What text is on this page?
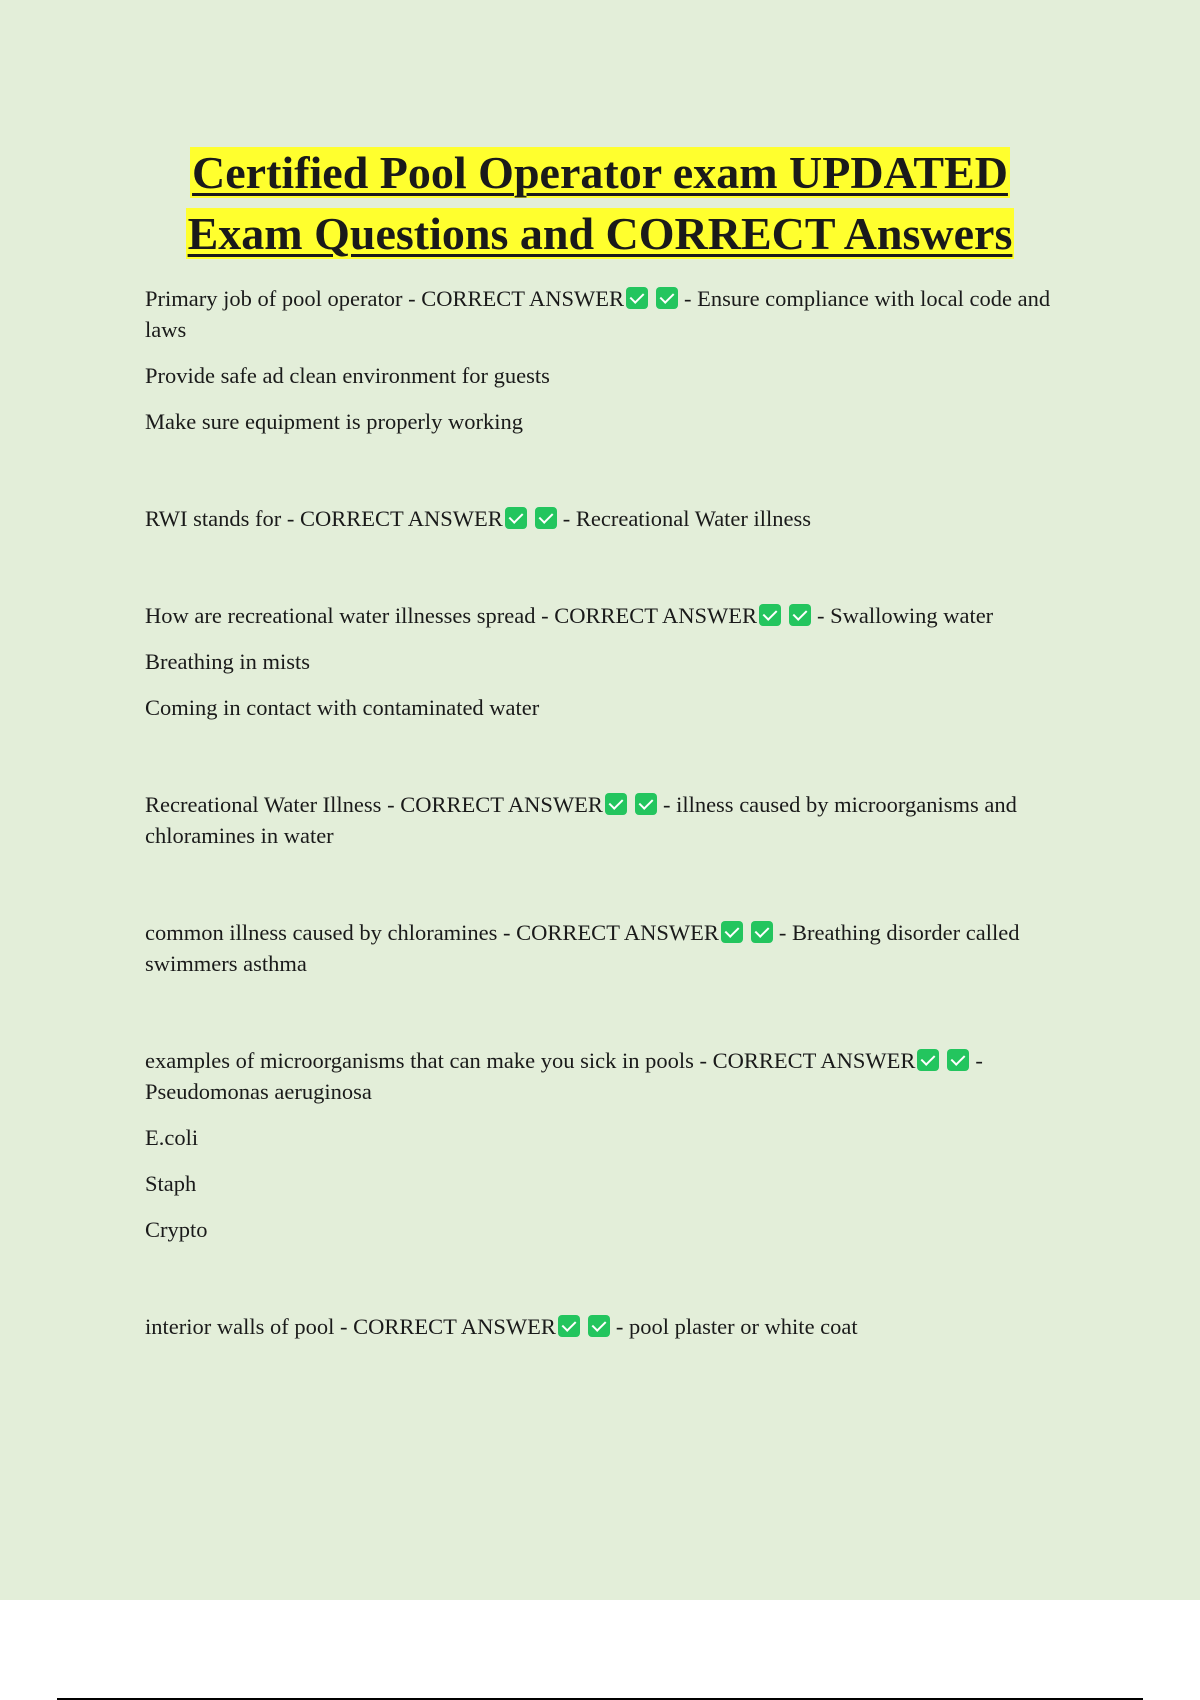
Certified Pool Operator exam UPDATED
Exam Questions and CORRECT Answers

Primary job of pool operator - CORRECT ANSWER	- Ensure compliance with local code and laws

Provide safe ad clean environment for guests

Make sure equipment is properly working

RWI stands for - CORRECT ANSWER	- Recreational Water illness

How are recreational water illnesses spread - CORRECT ANSWER	- Swallowing water

Breathing in mists

Coming in contact with contaminated water

Recreational Water Illness - CORRECT ANSWER	- illness caused by microorganisms and chloramines in water

common illness caused by chloramines - CORRECT ANSWER	- Breathing disorder called swimmers asthma

examples of microorganisms that can make you sick in pools - CORRECT ANSWER	- Pseudomonas aeruginosa

E.coli

Staph

Crypto

interior walls of pool - CORRECT ANSWER	- pool plaster or white coat
